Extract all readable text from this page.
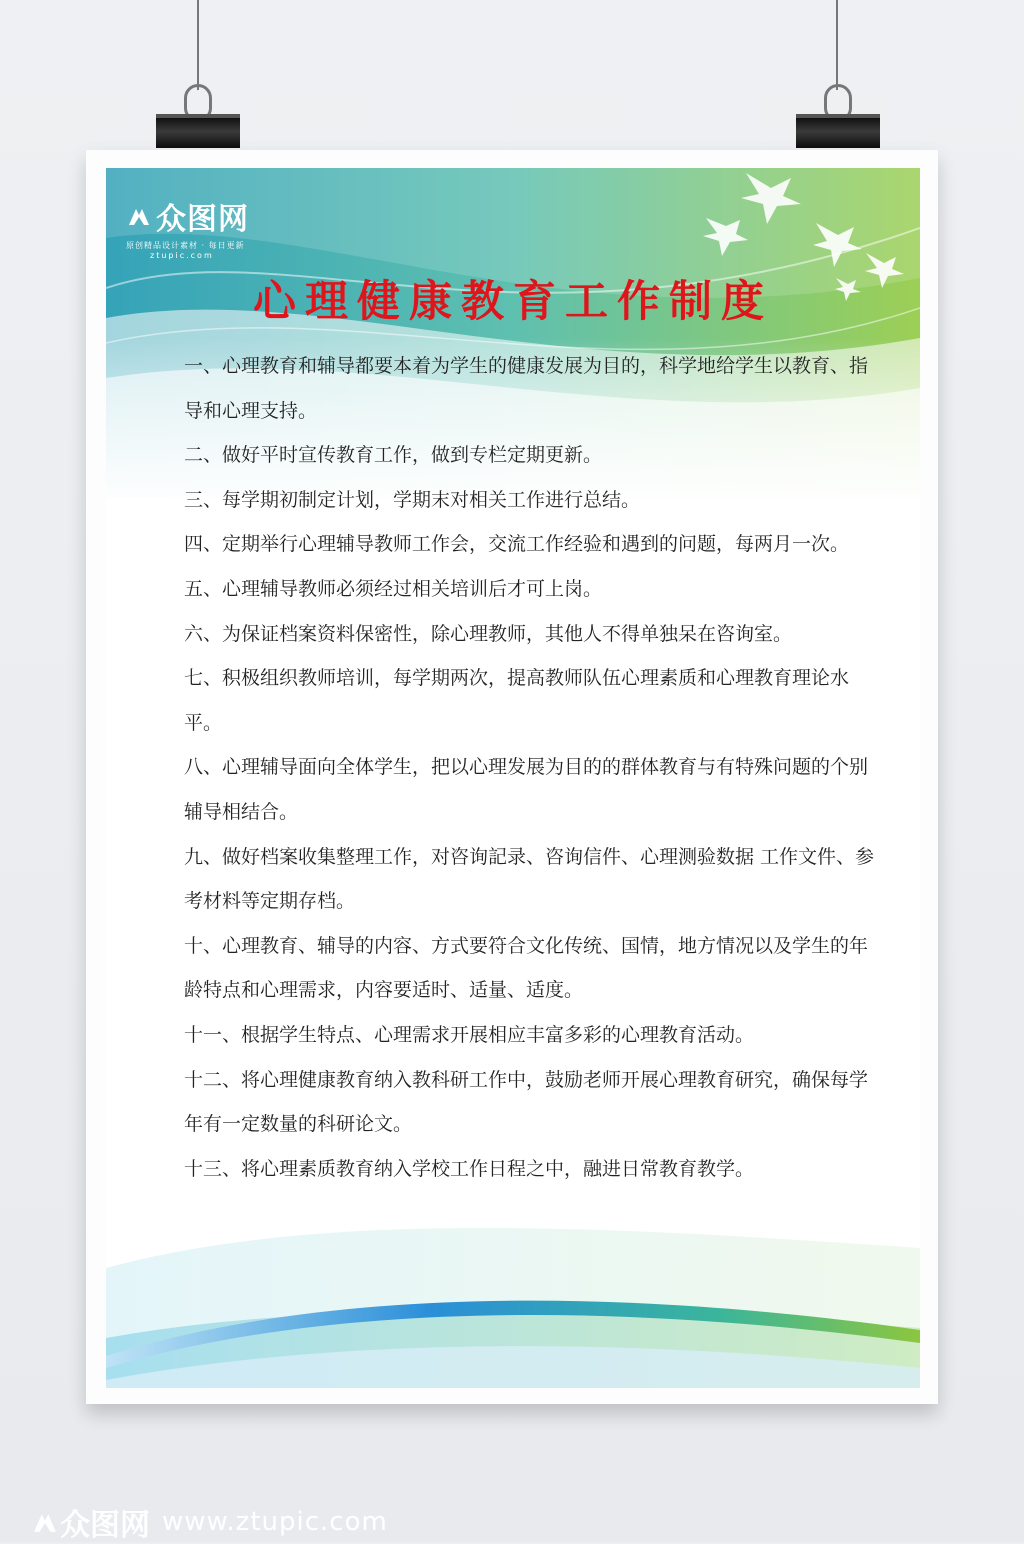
众图网
原创精品设计素材 · 每日更新
ztupic.com
心理健康教育工作制度

一、心理教育和辅导都要本着为学生的健康发展为目的，科学地给学生以教育、指导和心理支持。

二、做好平时宣传教育工作，做到专栏定期更新。

三、每学期初制定计划，学期末对相关工作进行总结。

四、定期举行心理辅导教师工作会，交流工作经验和遇到的问题，每两月一次。

五、心理辅导教师必须经过相关培训后才可上岗。

六、为保证档案资料保密性，除心理教师，其他人不得单独呆在咨询室。

七、积极组织教师培训，每学期两次，提高教师队伍心理素质和心理教育理论水平。

八、心理辅导面向全体学生，把以心理发展为目的的群体教育与有特殊问题的个别辅导相结合。

九、做好档案收集整理工作，对咨询記录、咨询信件、心理测验数据 工作文件、参考材料等定期存档。

十、心理教育、辅导的内容、方式要符合文化传统、国情，地方情况以及学生的年龄特点和心理需求，内容要适时、适量、适度。

十一、根据学生特点、心理需求开展相应丰富多彩的心理教育活动。

十二、将心理健康教育纳入教科研工作中，鼓励老师开展心理教育研究，确保每学年有一定数量的科研论文。

十三、将心理素质教育纳入学校工作日程之中，融进日常教育教学。

众图网 www.ztupic.com
